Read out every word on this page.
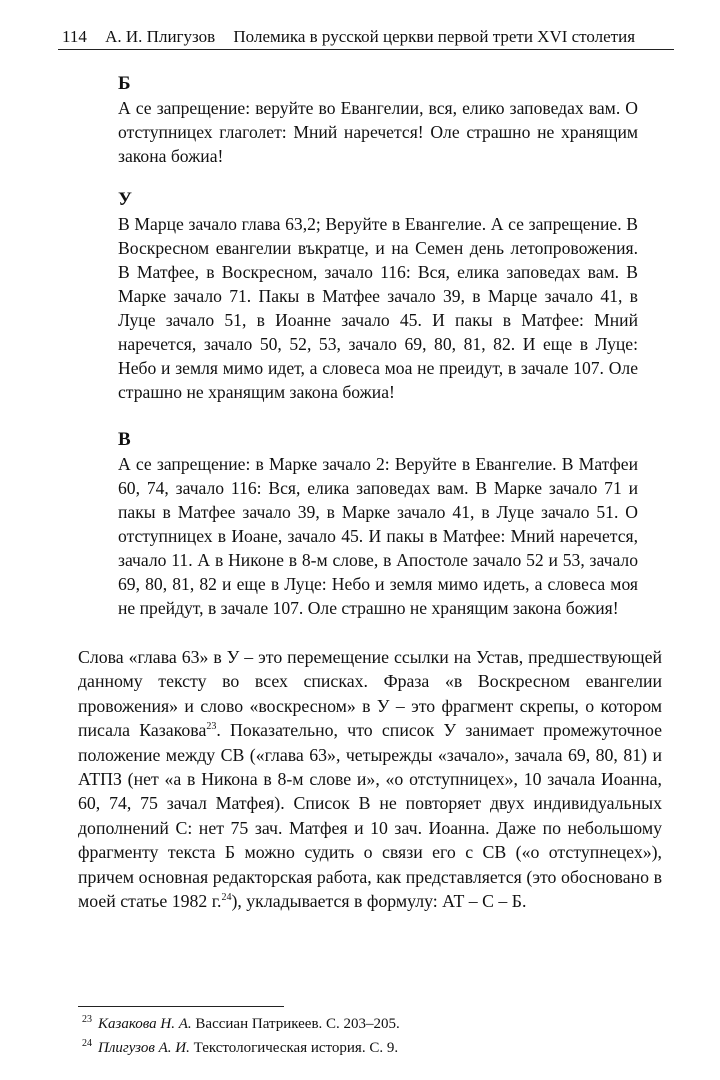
114 А. И. Плигузов Полемика в русской церкви первой трети XVI столетия

Б

А се запрещение: веруйте во Евангелии, вся, елико заповедах вам. О отступницех глаголет: Мний наречется! Оле страшно не хранящим закона божиа!

У

В Марце зачало глава 63,2; Веруйте в Евангелие. А се запрещение. В Воскресном евангелии въкратце, и на Семен день летопровожения. В Матфее, в Воскресном, зачало 116: Вся, елика заповедах вам. В Марке зачало 71. Пакы в Матфее зачало 39, в Марце зачало 41, в Луце зачало 51, в Иоанне зачало 45. И пакы в Матфее: Мний наречется, зачало 50, 52, 53, зачало 69, 80, 81, 82. И еще в Луце: Небо и земля мимо идет, а словеса моа не преидут, в зачале 107. Оле страшно не хранящим закона божиа!

В

А се запрещение: в Марке зачало 2: Веруйте в Евангелие. В Матфеи 60, 74, зачало 116: Вся, елика заповедах вам. В Марке зачало 71 и пакы в Матфее зачало 39, в Марке зачало 41, в Луце зачало 51. О отступницех в Иоане, зачало 45. И пакы в Матфее: Мний наречется, зачало 11. А в Никоне в 8-м слове, в Апостоле зачало 52 и 53, зачало 69, 80, 81, 82 и еще в Луце: Небо и земля мимо идеть, а словеса моя не прейдут, в зачале 107. Оле страшно не хранящим закона божия!

Слова «глава 63» в У – это перемещение ссылки на Устав, предшествующей данному тексту во всех списках. Фраза «в Воскресном евангелии провожения» и слово «воскресном» в У – это фрагмент скрепы, о котором писала Казакова$^{23}$. Показательно, что список У занимает промежуточное положение между СВ («глава 63», четырежды «зачало», зачала 69, 80, 81) и АТПЗ (нет «а в Никона в 8-м слове и», «о отступницех», 10 зачала Иоанна, 60, 74, 75 зачал Матфея). Список В не повторяет двух индивидуальных дополнений С: нет 75 зач. Матфея и 10 зач. Иоанна. Даже по небольшому фрагменту текста Б можно судить о связи его с СВ («о отступнецех»), причем основная редакторская работа, как представляется (это обосновано в моей статье 1982 г.$^{24}$), укладывается в формулу: АТ – С – Б.

$^{23}$ Казакова Н. А. Вассиан Патрикеев. С. 203–205.

$^{24}$ Плигузов А. И. Текстологическая история. С. 9.
